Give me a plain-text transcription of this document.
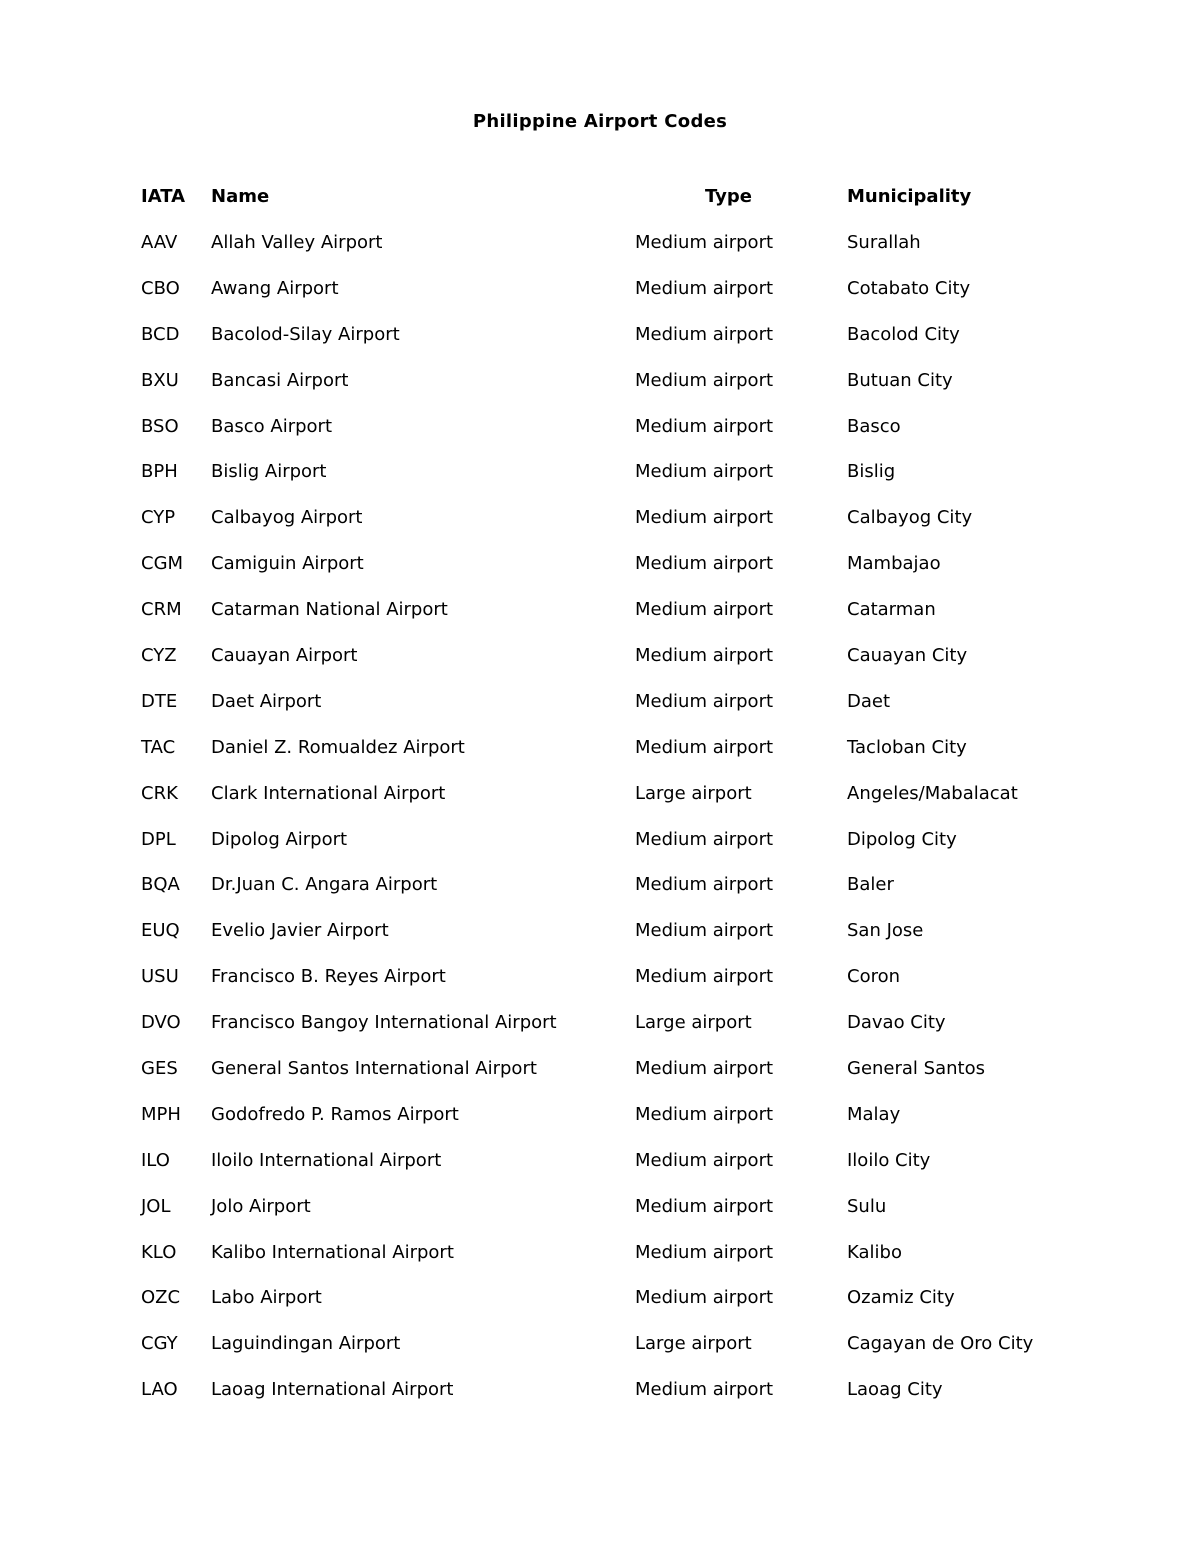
Philippine Airport Codes
IATA Name	Type	Municipality
AAV Allah Valley Airport	Medium airport	Surallah
CBO Awang Airport	Medium airport	Cotabato City
BCD Bacolod-Silay Airport	Medium airport	Bacolod City
BXU Bancasi Airport	Medium airport	Butuan City
BSO Basco Airport	Medium airport	Basco
BPH Bislig Airport	Medium airport	Bislig
CYP Calbayog Airport	Medium airport	Calbayog City
CGM Camiguin Airport	Medium airport	Mambajao
CRM Catarman National Airport	Medium airport	Catarman
CYZ Cauayan Airport	Medium airport	Cauayan City
DTE Daet Airport	Medium airport	Daet
TAC Daniel Z. Romualdez Airport	Medium airport	Tacloban City
CRK Clark International Airport	Large airport	Angeles/Mabalacat
DPL Dipolog Airport	Medium airport	Dipolog City
BQA Dr.Juan C. Angara Airport	Medium airport	Baler
EUQ Evelio Javier Airport	Medium airport	San Jose
USU Francisco B. Reyes Airport	Medium airport	Coron
DVO Francisco Bangoy International Airport	Large airport	Davao City
GES General Santos International Airport	Medium airport	General Santos
MPH Godofredo P. Ramos Airport	Medium airport	Malay
ILO Iloilo International Airport	Medium airport	Iloilo City
JOL Jolo Airport	Medium airport	Sulu
KLO Kalibo International Airport	Medium airport	Kalibo
OZC Labo Airport	Medium airport	Ozamiz City
CGY Laguindingan Airport	Large airport	Cagayan de Oro City
LAO Laoag International Airport	Medium airport	Laoag City
